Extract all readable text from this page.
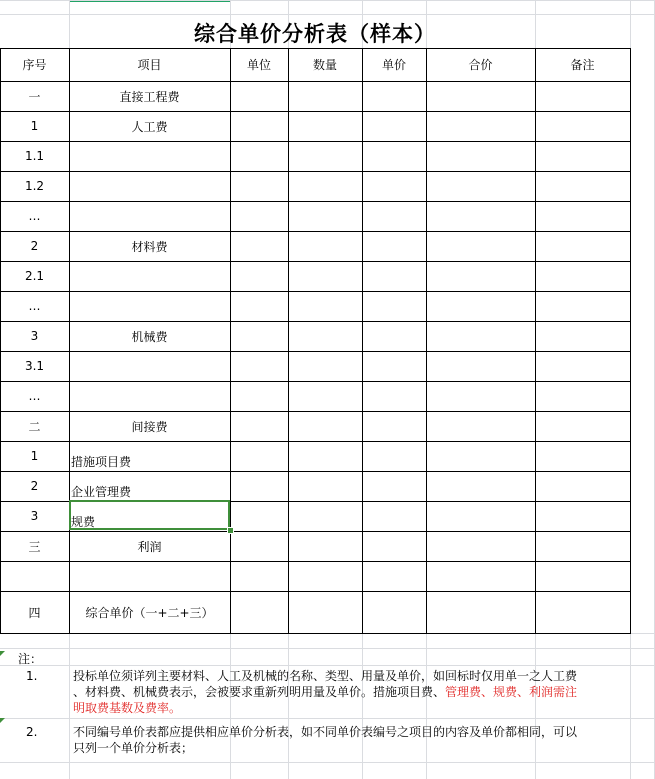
综合单价分析表（样本）
序号	项目	单位	数量	单价	合价	备注
一	直接工程费
1	人工费
1.1
1.2
…
2	材料费
2.1
…
3	机械费
3.1
…
二	间接费
1	措施项目费
2	企业管理费
3	规费
三	利润
四	综合单价（一+二+三）
注：
1.	投标单位须详列主要材料、人工及机械的名称、类型、用量及单价，如回标时仅用单一之人工费
、材料费、机械费表示，会被要求重新列明用量及单价。措施项目费、管理费、规费、利润需注
明取费基数及费率。
2.	不同编号单价表都应提供相应单价分析表，如不同单价表编号之项目的内容及单价都相同，可以
只列一个单价分析表；
